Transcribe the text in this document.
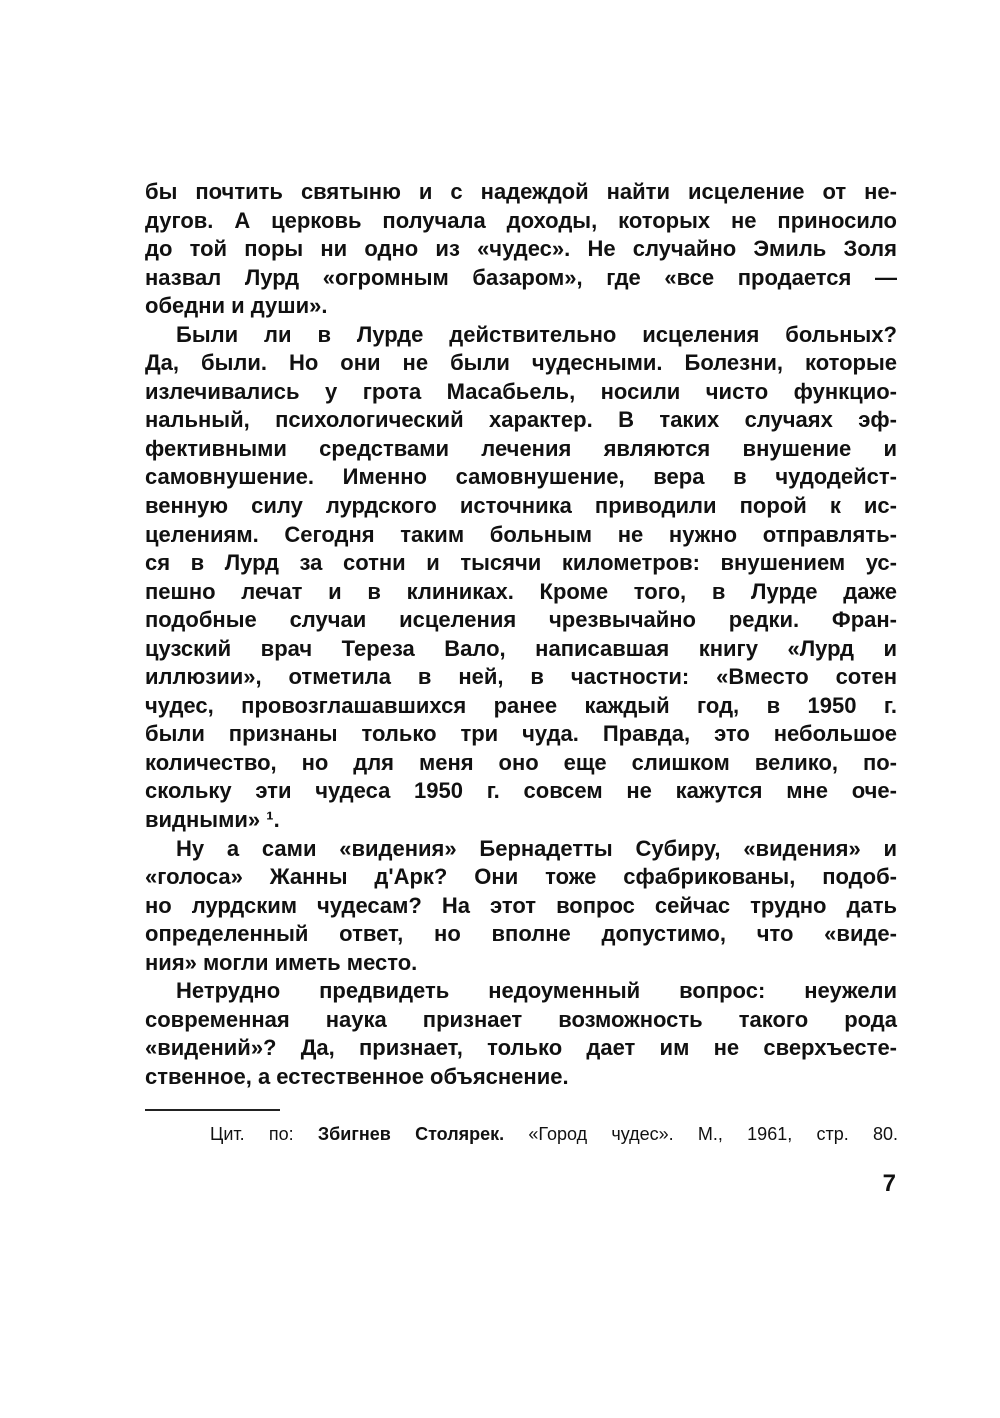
бы почтить святыню и с надеждой найти исцеление от не-
дугов. А церковь получала доходы, которых не приносило
до той поры ни одно из «чудес». Не случайно Эмиль Золя
назвал Лурд «огромным базаром», где «все продается —
обедни и души».
Были ли в Лурде действительно исцеления больных?
Да, были. Но они не были чудесными. Болезни, которые
излечивались у грота Масабьель, носили чисто функцио-
нальный, психологический характер. В таких случаях эф-
фективными средствами лечения являются внушение и
самовнушение. Именно самовнушение, вера в чудодейст-
венную силу лурдского источника приводили порой к ис-
целениям. Сегодня таким больным не нужно отправлять-
ся в Лурд за сотни и тысячи километров: внушением ус-
пешно лечат и в клиниках. Кроме того, в Лурде даже
подобные случаи исцеления чрезвычайно редки. Фран-
цузский врач Тереза Вало, написавшая книгу «Лурд и
иллюзии», отметила в ней, в частности: «Вместо сотен
чудес, провозглашавшихся ранее каждый год, в 1950 г.
были признаны только три чуда. Правда, это небольшое
количество, но для меня оно еще слишком велико, по-
скольку эти чудеса 1950 г. совсем не кажутся мне оче-
видными» ¹.
Ну а сами «видения» Бернадетты Субиру, «видения» и
«голоса» Жанны д'Арк? Они тоже сфабрикованы, подоб-
но лурдским чудесам? На этот вопрос сейчас трудно дать
определенный ответ, но вполне допустимо, что «виде-
ния» могли иметь место.
Нетрудно предвидеть недоуменный вопрос: неужели
современная наука признает возможность такого рода
«видений»? Да, признает, только дает им не сверхъесте-
ственное, а естественное объяснение.
Цит. по: Збигнев Столярек. «Город чудес». М., 1961, стр. 80.
7
